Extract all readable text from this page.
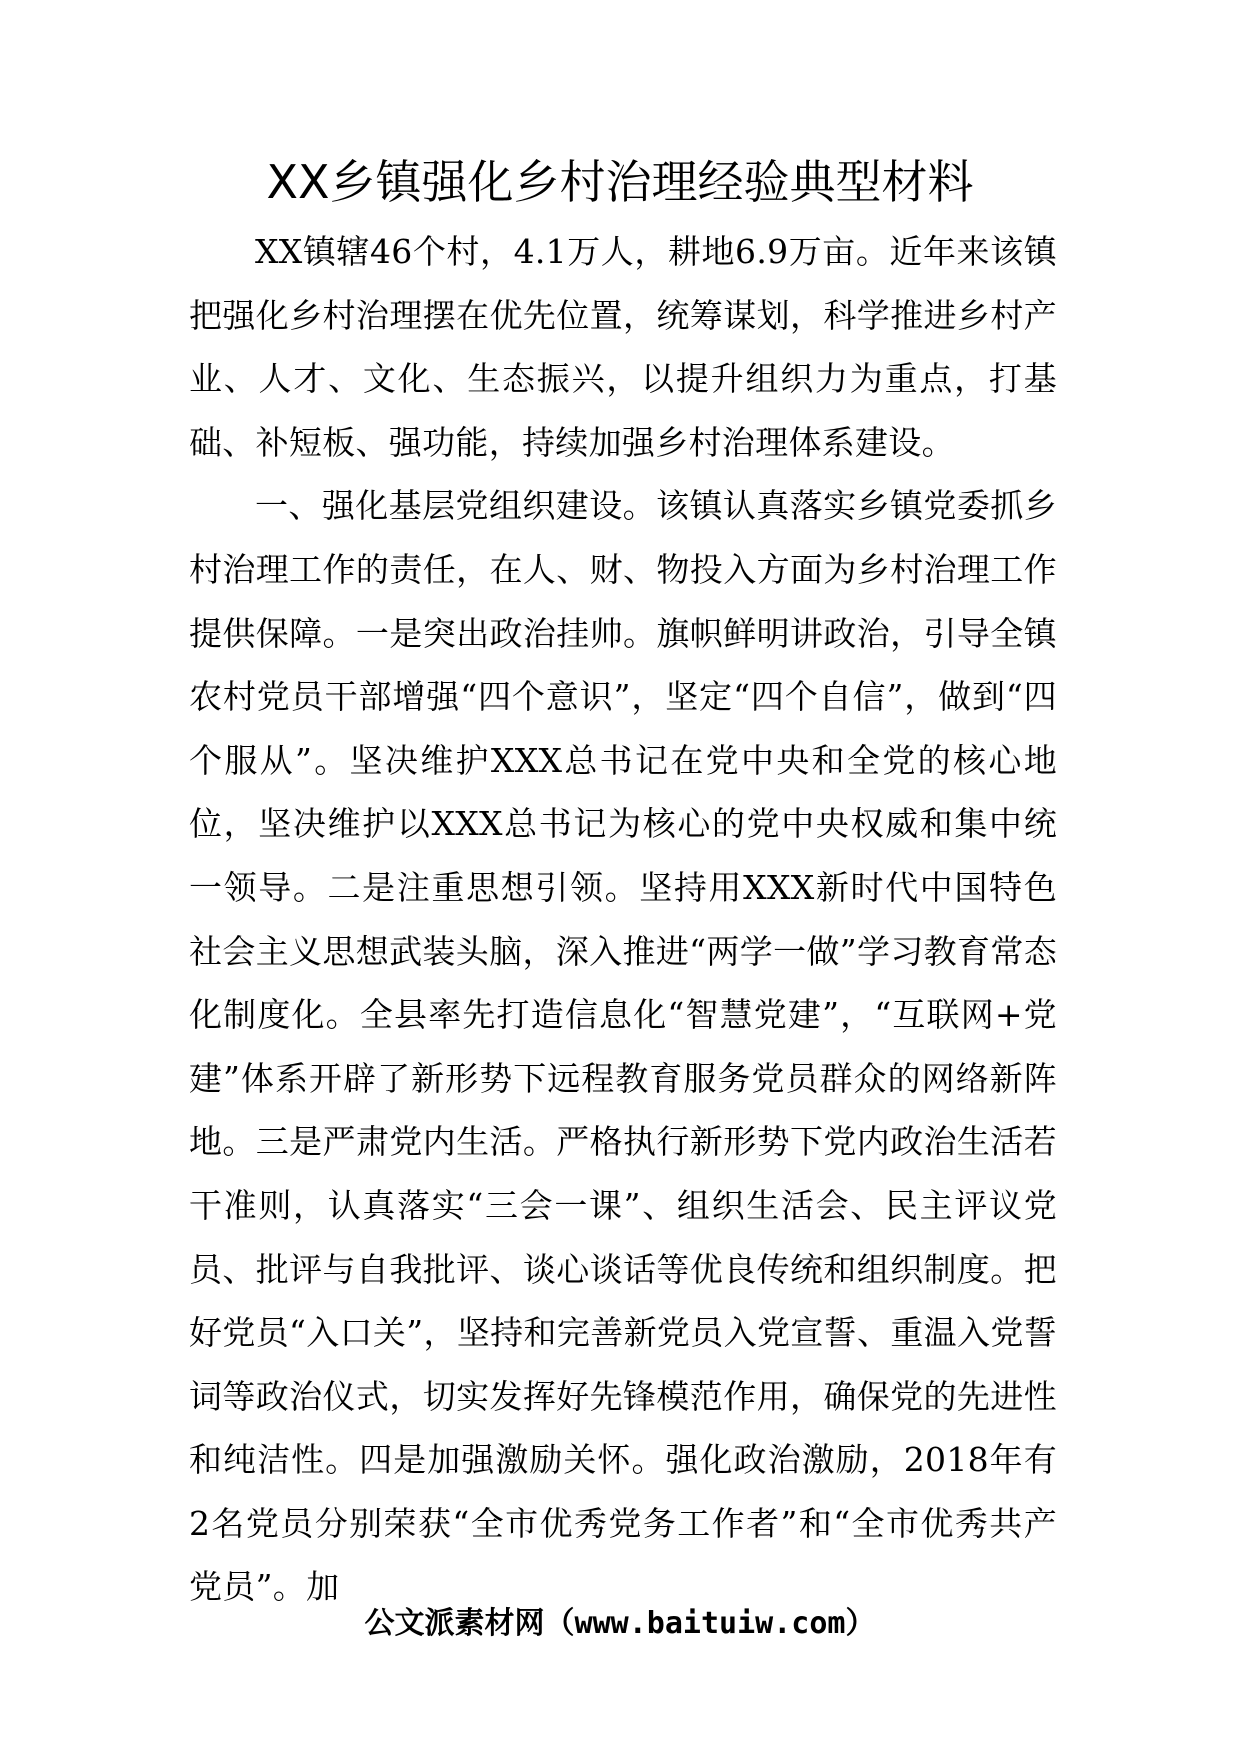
XX乡镇强化乡村治理经验典型材料

XX镇辖46个村，4.1万人，耕地6.9万亩。近年来该镇把强化乡村治理摆在优先位置，统筹谋划，科学推进乡村产业、人才、文化、生态振兴，以提升组织力为重点，打基础、补短板、强功能，持续加强乡村治理体系建设。

一、强化基层党组织建设。该镇认真落实乡镇党委抓乡村治理工作的责任，在人、财、物投入方面为乡村治理工作提供保障。一是突出政治挂帅。旗帜鲜明讲政治，引导全镇农村党员干部增强“四个意识”，坚定“四个自信”，做到“四个服从”。坚决维护XXX总书记在党中央和全党的核心地位，坚决维护以XXX总书记为核心的党中央权威和集中统一领导。二是注重思想引领。坚持用XXX新时代中国特色社会主义思想武装头脑，深入推进“两学一做”学习教育常态化制度化。全县率先打造信息化“智慧党建”，“互联网+党建”体系开辟了新形势下远程教育服务党员群众的网络新阵地。三是严肃党内生活。严格执行新形势下党内政治生活若干准则，认真落实“三会一课”、组织生活会、民主评议党员、批评与自我批评、谈心谈话等优良传统和组织制度。把好党员“入口关”，坚持和完善新党员入党宣誓、重温入党誓词等政治仪式，切实发挥好先锋模范作用，确保党的先进性和纯洁性。四是加强激励关怀。强化政治激励，2018年有2名党员分别荣获“全市优秀党务工作者”和“全市优秀共产党员”。加

公文派素材网（www.baituiw.com）
